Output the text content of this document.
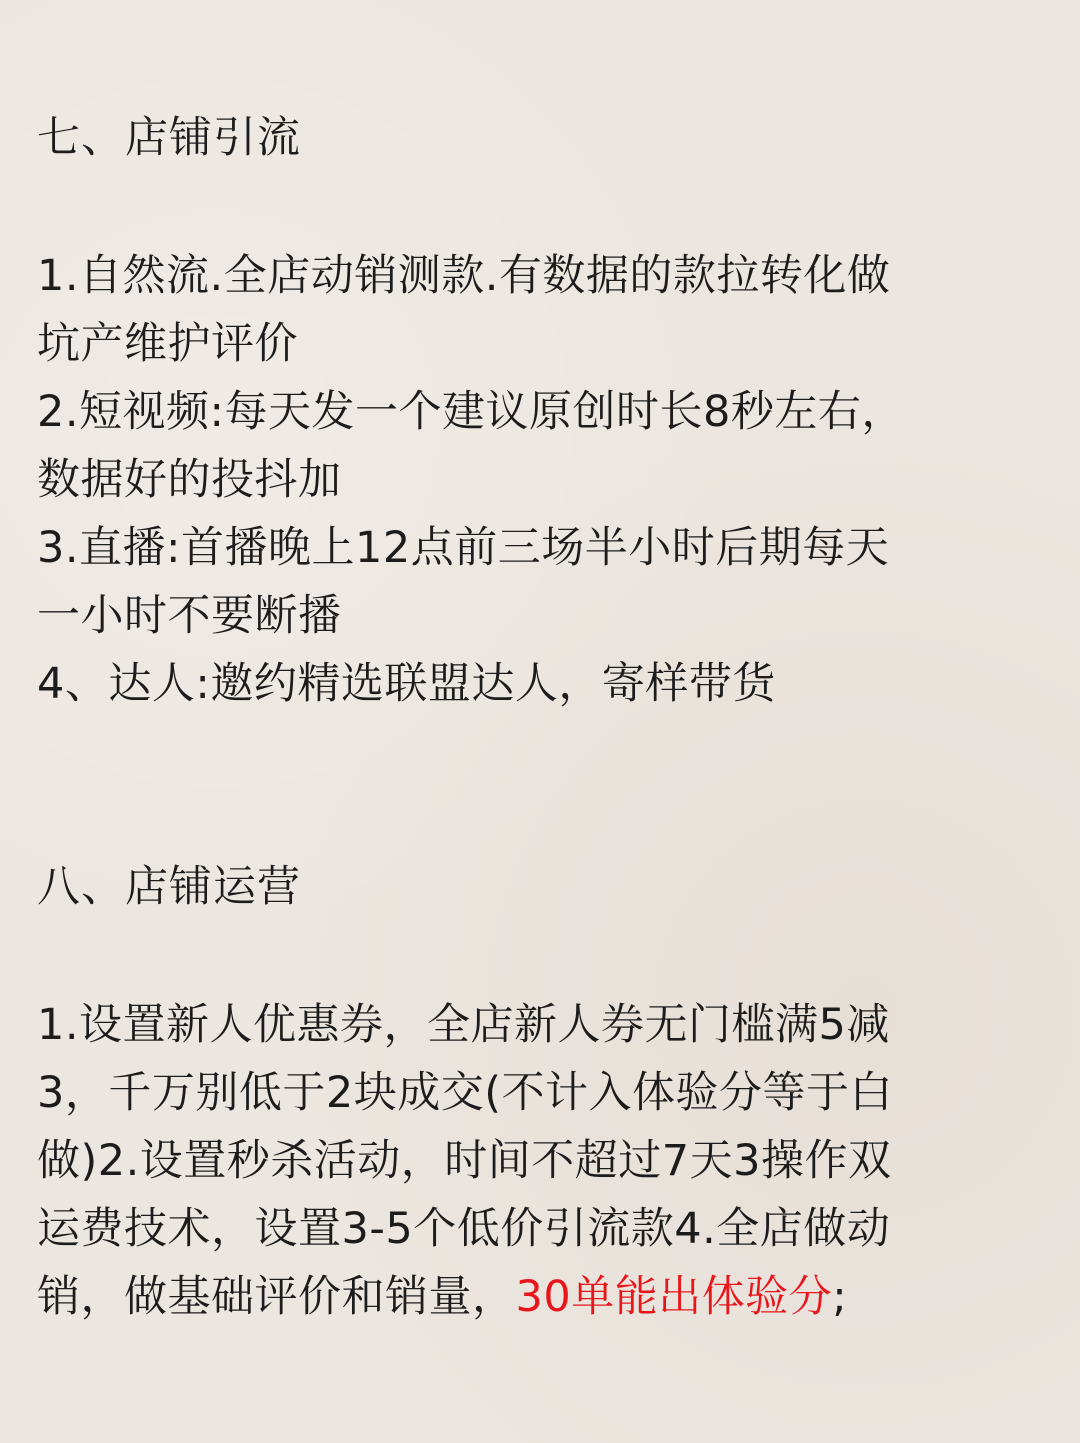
七、店铺引流
1.自然流.全店动销测款.有数据的款拉转化做
坑产维护评价
2.短视频:每天发一个建议原创时长8秒左右，
数据好的投抖加
3.直播:首播晚上12点前三场半小时后期每天
一小时不要断播
4、达人:邀约精选联盟达人，寄样带货
八、店铺运营
1.设置新人优惠券，全店新人券无门槛满5减
3，千万别低于2块成交(不计入体验分等于白
做)2.设置秒杀活动，时间不超过7天3操作双
运费技术，设置3-5个低价引流款4.全店做动
销，做基础评价和销量，30单能出体验分;
